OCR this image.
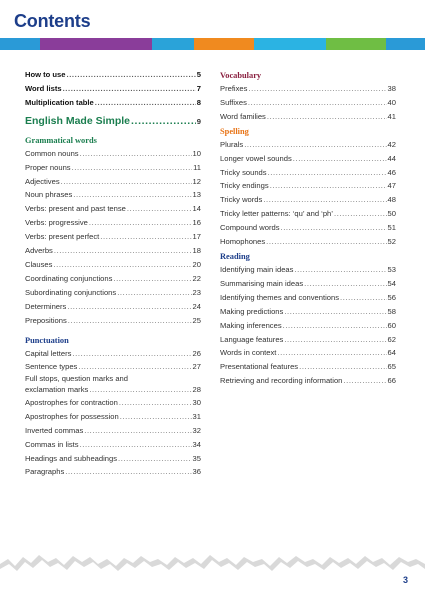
Contents
How to use .....	5
Word lists .....	7
Multiplication table .....	8
English Made Simple .....	9
Grammatical words
Common nouns .....	10
Proper nouns .....	11
Adjectives .....	12
Noun phrases .....	13
Verbs: present and past tense .....	14
Verbs: progressive .....	16
Verbs: present perfect .....	17
Adverbs .....	18
Clauses .....	20
Coordinating conjunctions .....	22
Subordinating conjunctions .....	23
Determiners .....	24
Prepositions .....	25
Punctuation
Capital letters .....	26
Sentence types .....	27
Full stops, question marks and
exclamation marks .....	28
Apostrophes for contraction .....	30
Apostrophes for possession .....	31
Inverted commas .....	32
Commas in lists .....	34
Headings and subheadings .....	35
Paragraphs .....	36
Vocabulary
Prefixes .....	38
Suffixes .....	40
Word families .....	41
Spelling
Plurals .....	42
Longer vowel sounds .....	44
Tricky sounds .....	46
Tricky endings .....	47
Tricky words .....	48
Tricky letter patterns: ‘qu’ and ‘ph’ .....	50
Compound words .....	51
Homophones .....	52
Reading
Identifying main ideas .....	53
Summarising main ideas .....	54
Identifying themes and conventions .....	56
Making predictions .....	58
Making inferences .....	60
Language features .....	62
Words in context .....	64
Presentational features .....	65
Retrieving and recording information .....	66
3
